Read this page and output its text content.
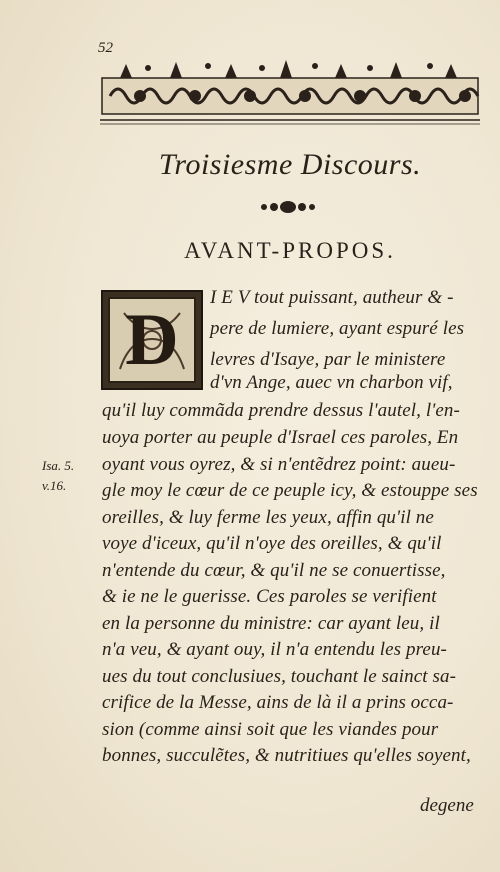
52
Troisiesme Discours.
AVANT-PROPOS.
D
I E V tout puissant, autheur & -
pere de lumiere, ayant espuré les
levres d'Isaye, par le ministere
d'vn Ange, auec vn charbon vif,
qu'il luy commãda prendre dessus l'autel, l'en-
uoya porter au peuple d'Israel ces paroles, En
oyant vous oyrez, & si n'entẽdrez point: aueu-
gle moy le cœur de ce peuple icy, & estouppe ses
oreilles, & luy ferme les yeux, affin qu'il ne
voye d'iceux, qu'il n'oye des oreilles, & qu'il
n'entende du cœur, & qu'il ne se conuertisse,
& ie ne le guerisse. Ces paroles se verifient
en la personne du ministre: car ayant leu, il
n'a veu, & ayant ouy, il n'a entendu les preu-
ues du tout conclusiues, touchant le sainct sa-
crifice de la Messe, ains de là il a prins occa-
sion (comme ainsi soit que les viandes pour
bonnes, succulẽtes, & nutritiues qu'elles soyent,
Isa. 5.
v.16.
degene
